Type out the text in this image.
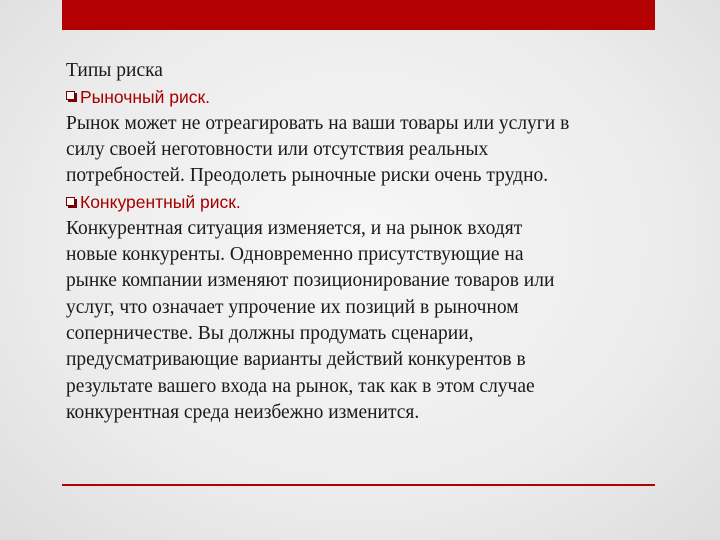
Типы риска
Рыночный риск.
Рынок может не отреагировать на ваши товары или услуги в
силу своей неготовности или отсутствия реальных
потребностей. Преодолеть рыночные риски очень трудно.
Конкурентный риск.
Конкурентная ситуация изменяется, и на рынок входят
новые конкуренты. Одновременно присутствующие на
рынке компании изменяют позиционирование товаров или
услуг, что означает упрочение их позиций в рыночном
соперничестве. Вы должны продумать сценарии,
предусматривающие варианты действий конкурентов в
результате вашего входа на рынок, так как в этом случае
конкурентная среда неизбежно изменится.
